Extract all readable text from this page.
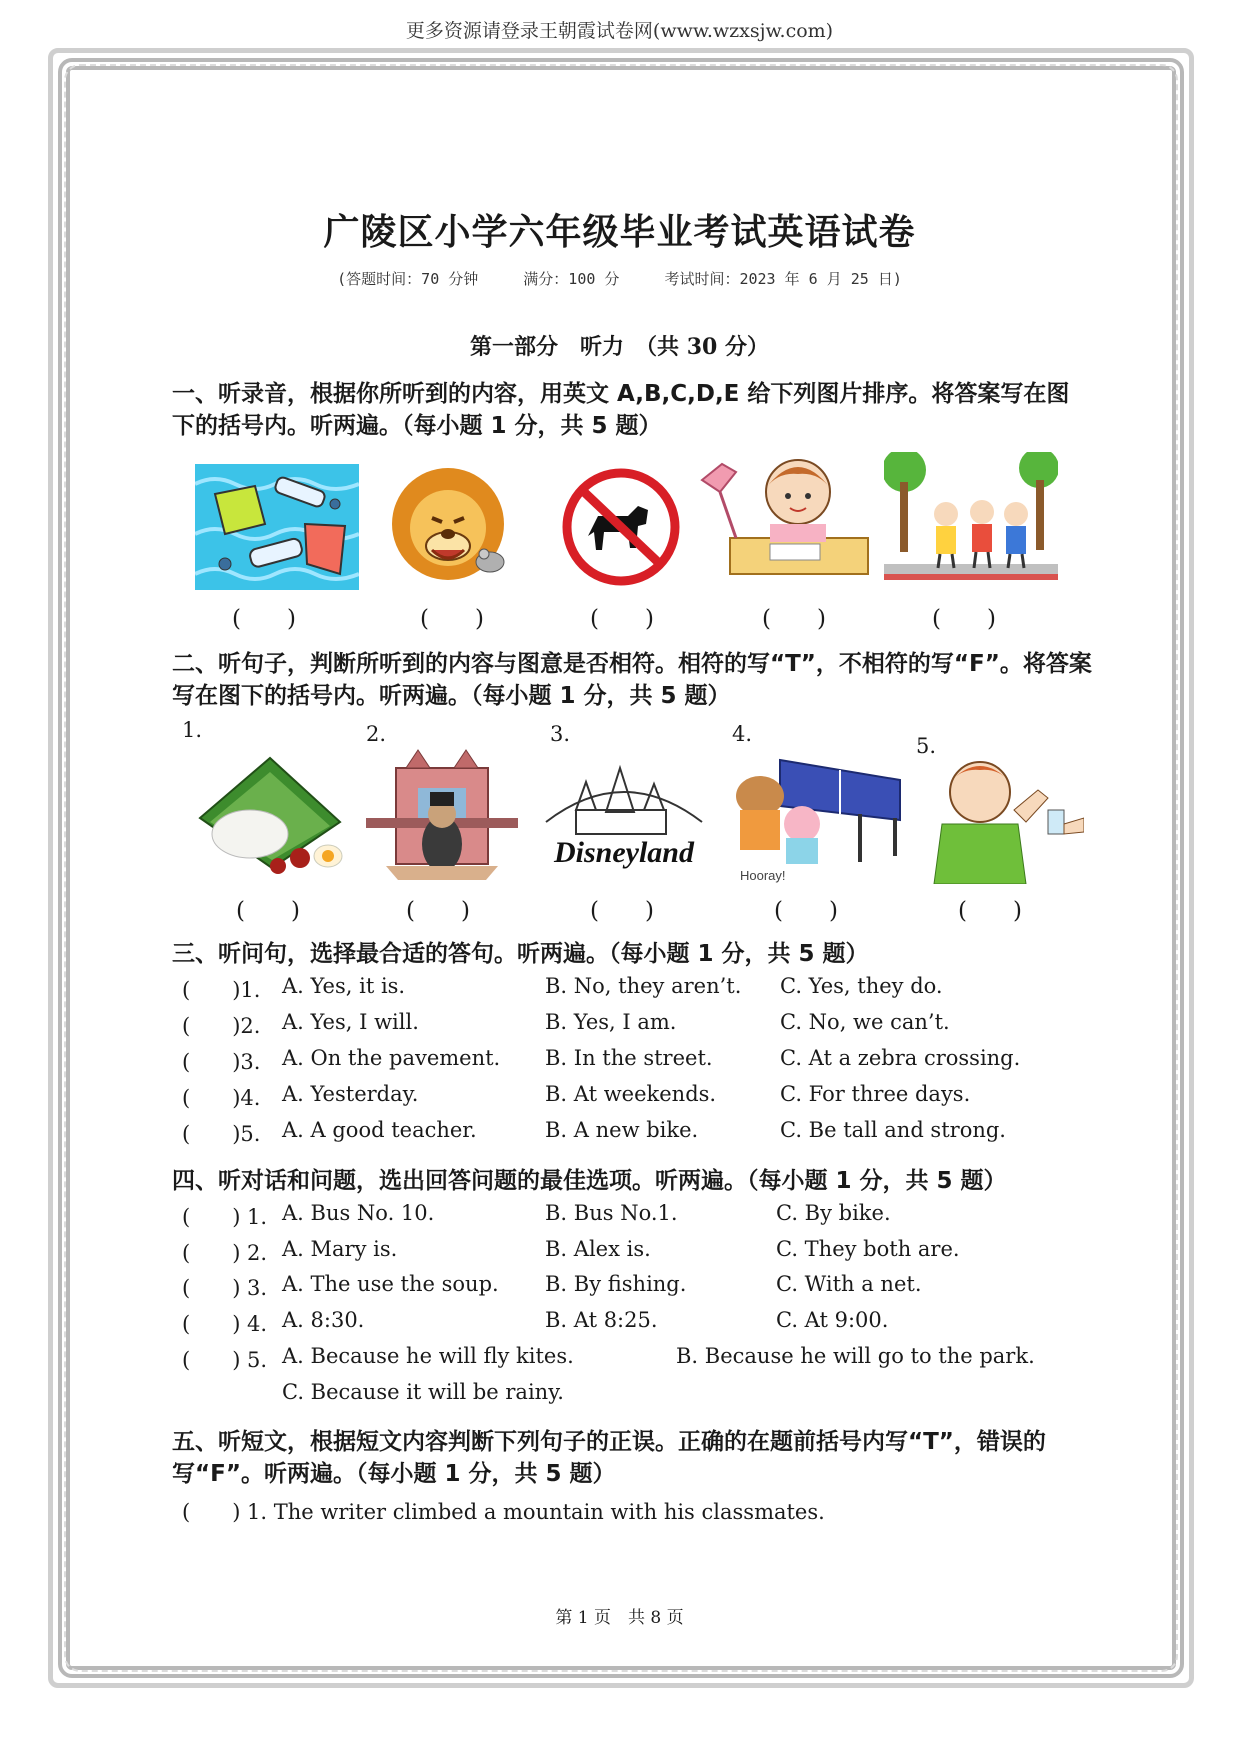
更多资源请登录王朝霞试卷网(www.wzxsjw.com)
广陵区小学六年级毕业考试英语试卷
(答题时间：70 分钟	满分：100 分	考试时间：2023 年 6 月 25 日)
第一部分　听力　（共 30 分）
一、听录音，根据你所听到的内容，用英文 A,B,C,D,E 给下列图片排序。将答案写在图下的括号内。听两遍。（每小题 1 分，共 5 题）
(　　)	(　　)	(　　)	(　　)	(　　)
二、听句子，判断所听到的内容与图意是否相符。相符的写“T”，不相符的写“F”。将答案写在图下的括号内。听两遍。（每小题 1 分，共 5 题）
1.	2.	3.	4.	5.
Disneyland
Hooray!
(　　)	(　　)	(　　)	(　　)	(　　)
三、听问句，选择最合适的答句。听两遍。（每小题 1 分，共 5 题）
(　　)1. A. Yes, it is.	B. No, they aren’t. C. Yes, they do.
(　　)2. A. Yes, I will.	B. Yes, I am.	C. No, we can’t.
(　　)3. A. On the pavement. B. In the street.	C. At a zebra crossing.
(　　)4. A. Yesterday.	B. At weekends.	C. For three days.
(　　)5. A. A good teacher.	B. A new bike.	C. Be tall and strong.
四、听对话和问题，选出回答问题的最佳选项。听两遍。（每小题 1 分，共 5 题）
(　　) 1. A. Bus No. 10.	B. Bus No.1.	C. By bike.
(　　) 2. A. Mary is.	B. Alex is.	C. They both are.
(　　) 3. A. The use the soup. B. By fishing.	C. With a net.
(　　) 4. A. 8:30.	B. At 8:25.	C. At 9:00.
(　　) 5. A. Because he will fly kites.	B. Because he will go to the park.
C. Because it will be rainy.
五、听短文，根据短文内容判断下列句子的正误。正确的在题前括号内写“T”，错误的写“F”。听两遍。（每小题 1 分，共 5 题）
(　　) 1. The writer climbed a mountain with his classmates.
第 1 页　共 8 页
